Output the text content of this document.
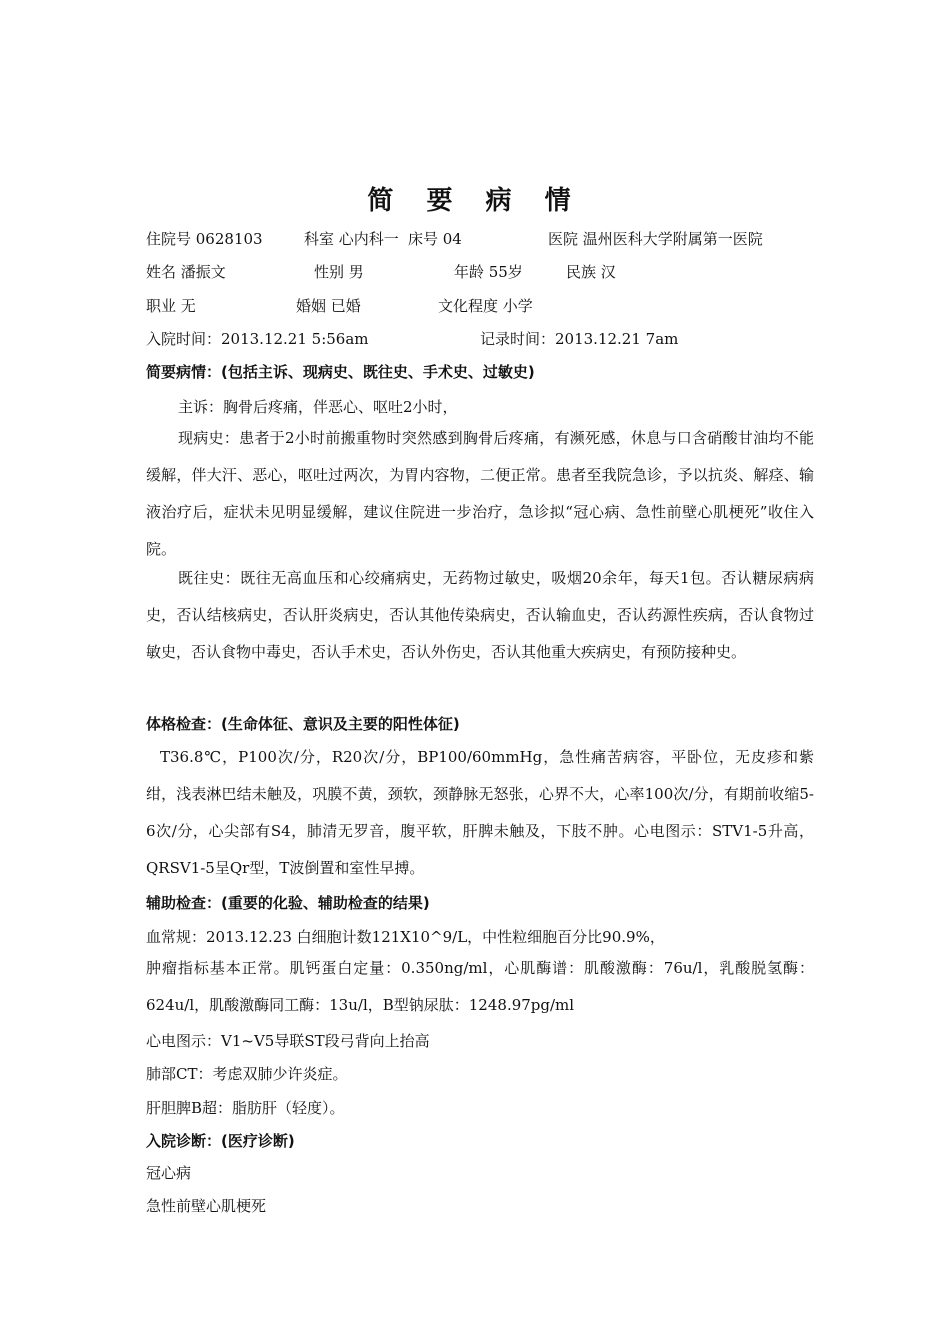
简 要 病 情
住院号 0628103	科室 心内科一 床号 04	医院 温州医科大学附属第一医院
姓名 潘振文	性别 男	年龄 55岁	民族 汉
职业 无	婚姻 已婚	文化程度 小学
入院时间：2013.12.21 5:56am	记录时间：2013.12.21 7am
简要病情：(包括主诉、现病史、既往史、手术史、过敏史)
主诉：胸骨后疼痛，伴恶心、呕吐2小时，

现病史：患者于2小时前搬重物时突然感到胸骨后疼痛，有濒死感，休息与口含硝酸甘油均不能缓解，伴大汗、恶心，呕吐过两次，为胃内容物，二便正常。患者至我院急诊，予以抗炎、解痉、输液治疗后，症状未见明显缓解，建议住院进一步治疗，急诊拟“冠心病、急性前壁心肌梗死”收住入院。

既往史：既往无高血压和心绞痛病史，无药物过敏史，吸烟20余年，每天1包。否认糖尿病病史，否认结核病史，否认肝炎病史，否认其他传染病史，否认输血史，否认药源性疾病，否认食物过敏史，否认食物中毒史，否认手术史，否认外伤史，否认其他重大疾病史，有预防接种史。

体格检查：(生命体征、意识及主要的阳性体征)

T36.8℃，P100次/分，R20次/分，BP100/60mmHg，急性痛苦病容，平卧位，无皮疹和紫绀，浅表淋巴结未触及，巩膜不黄，颈软，颈静脉无怒张，心界不大，心率100次/分，有期前收缩5-6次/分，心尖部有S4，肺清无罗音，腹平软，肝脾未触及，下肢不肿。心电图示：STV1-5升高，QRSV1-5呈Qr型，T波倒置和室性早搏。

辅助检查：(重要的化验、辅助检查的结果)
血常规：2013.12.23 白细胞计数121X10^9/L，中性粒细胞百分比90.9%，

肿瘤指标基本正常。肌钙蛋白定量：0.350ng/ml，心肌酶谱：肌酸激酶：76u/l，乳酸脱氢酶：624u/l，肌酸激酶同工酶：13u/l，B型钠尿肽：1248.97pg/ml

心电图示：V1~V5导联ST段弓背向上抬高
肺部CT：考虑双肺少许炎症。
肝胆脾B超：脂肪肝（轻度）。
入院诊断：(医疗诊断)
冠心病
急性前壁心肌梗死
